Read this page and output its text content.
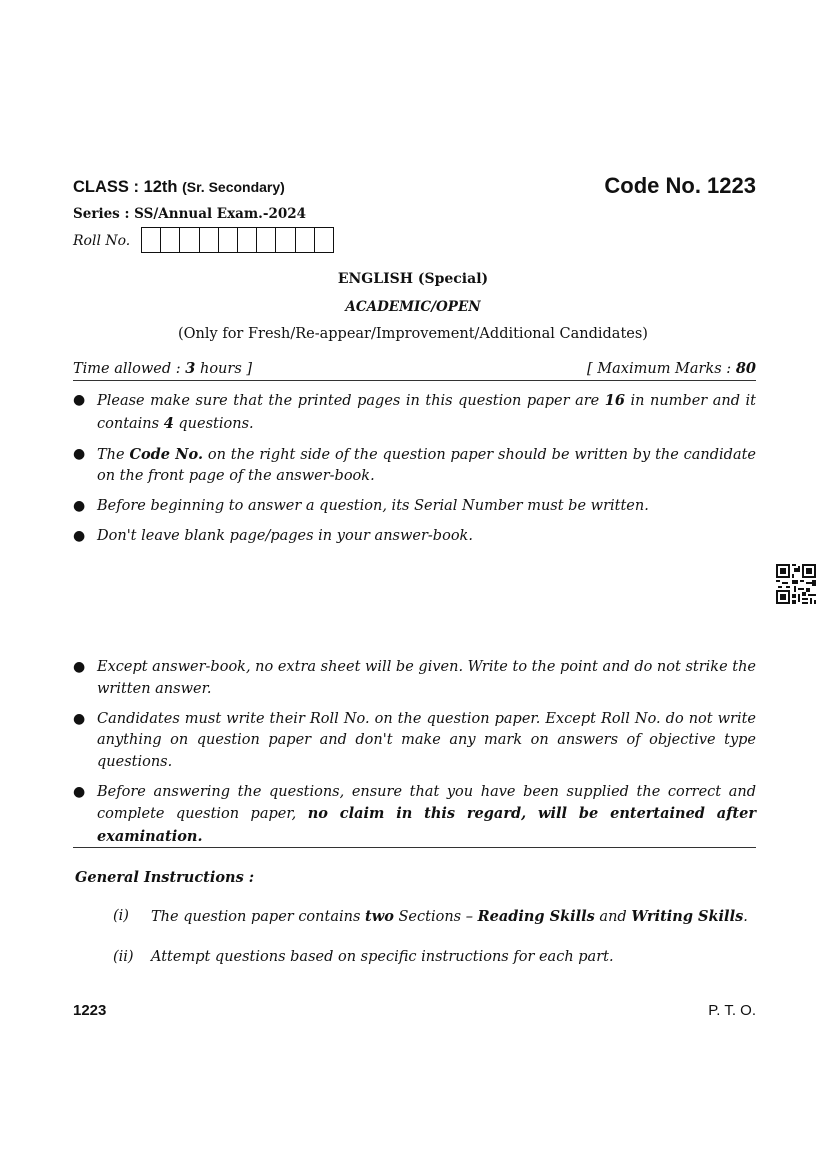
CLASS : 12th (Sr. Secondary)	Code No. 1223
Series : SS/Annual Exam.-2024
Roll No.
ENGLISH (Special)
ACADEMIC/OPEN
(Only for Fresh/Re-appear/Improvement/Additional Candidates)
Time allowed : 3 hours ]	[ Maximum Marks : 80
● Please make sure that the printed pages in this question paper are 16 in number and it contains 4 questions.
● The Code No. on the right side of the question paper should be written by the candidate on the front page of the answer-book.
● Before beginning to answer a question, its Serial Number must be written.
● Don't leave blank page/pages in your answer-book.
● Except answer-book, no extra sheet will be given. Write to the point and do not strike the written answer.
● Candidates must write their Roll No. on the question paper. Except Roll No. do not write anything on question paper and don't make any mark on answers of objective type questions.
● Before answering the questions, ensure that you have been supplied the correct and complete question paper, no claim in this regard, will be entertained after examination.
General Instructions :
(i)	The question paper contains two Sections – Reading Skills and Writing Skills.
(ii)	Attempt questions based on specific instructions for each part.
1223	P. T. O.
